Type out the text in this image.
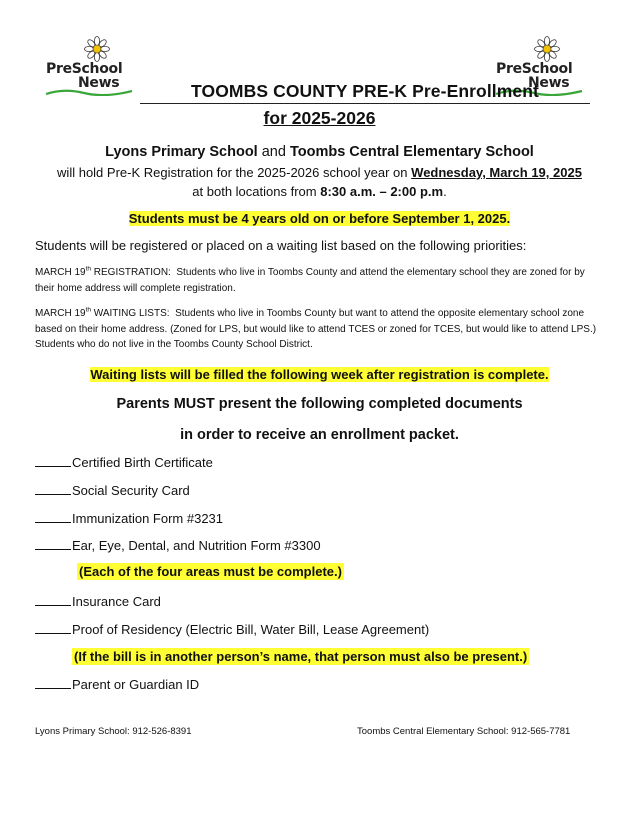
PreSchool
News
PreSchool
News
TOOMBS COUNTY PRE-K Pre-Enrollment
for 2025-2026
Lyons Primary School and Toombs Central Elementary School
will hold Pre-K Registration for the 2025-2026 school year on Wednesday, March 19, 2025
at both locations from 8:30 a.m. – 2:00 p.m.
Students must be 4 years old on or before September 1, 2025.
Students will be registered or placed on a waiting list based on the following priorities:
MARCH 19th REGISTRATION: Students who live in Toombs County and attend the elementary school they are zoned for by their home address will complete registration.
MARCH 19th WAITING LISTS: Students who live in Toombs County but want to attend the opposite elementary school zone based on their home address. (Zoned for LPS, but would like to attend TCES or zoned for TCES, but would like to attend LPS.) Students who do not live in the Toombs County School District.
Waiting lists will be filled the following week after registration is complete.
Parents MUST present the following completed documents
in order to receive an enrollment packet.
Certified Birth Certificate
Social Security Card
Immunization Form #3231
Ear, Eye, Dental, and Nutrition Form #3300
(Each of the four areas must be complete.)
Insurance Card
Proof of Residency (Electric Bill, Water Bill, Lease Agreement)
(If the bill is in another person’s name, that person must also be present.)
Parent or Guardian ID
Lyons Primary School: 912-526-8391	Toombs Central Elementary School: 912-565-7781
